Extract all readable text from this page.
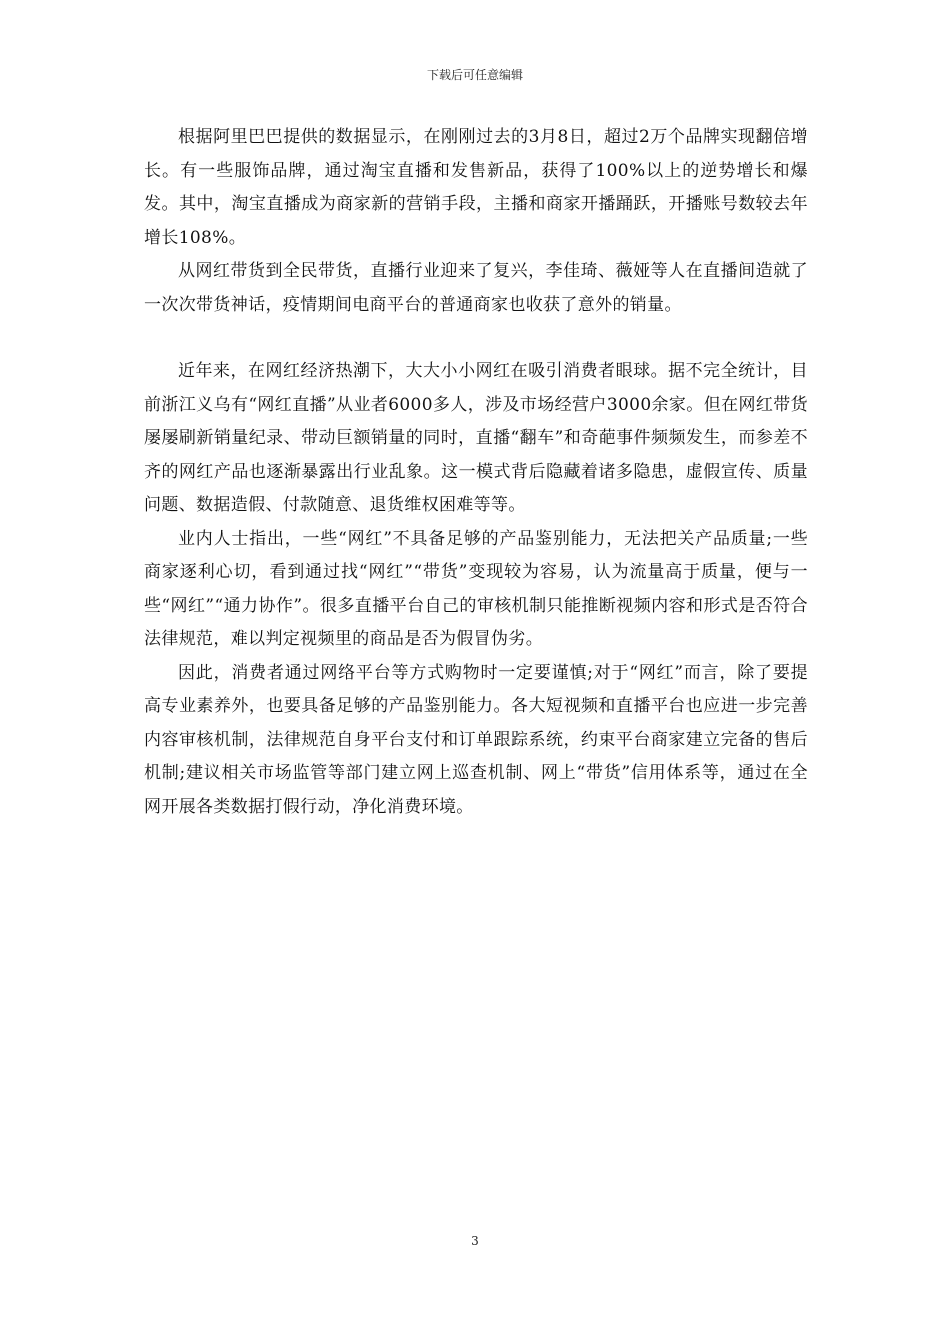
下载后可任意编辑

根据阿里巴巴提供的数据显示，在刚刚过去的3月8日，超过2万个品牌实现翻倍增长。有一些服饰品牌，通过淘宝直播和发售新品，获得了100%以上的逆势增长和爆发。其中，淘宝直播成为商家新的营销手段，主播和商家开播踊跃，开播账号数较去年增长108%。

从网红带货到全民带货，直播行业迎来了复兴，李佳琦、薇娅等人在直播间造就了一次次带货神话，疫情期间电商平台的普通商家也收获了意外的销量。

近年来，在网红经济热潮下，大大小小网红在吸引消费者眼球。据不完全统计，目前浙江义乌有“网红直播”从业者6000多人，涉及市场经营户3000余家。但在网红带货屡屡刷新销量纪录、带动巨额销量的同时，直播“翻车”和奇葩事件频频发生，而参差不齐的网红产品也逐渐暴露出行业乱象。这一模式背后隐藏着诸多隐患，虚假宣传、质量问题、数据造假、付款随意、退货维权困难等等。

业内人士指出，一些“网红”不具备足够的产品鉴别能力，无法把关产品质量;一些商家逐利心切，看到通过找“网红”“带货”变现较为容易，认为流量高于质量，便与一些“网红”“通力协作”。很多直播平台自己的审核机制只能推断视频内容和形式是否符合法律规范，难以判定视频里的商品是否为假冒伪劣。

因此，消费者通过网络平台等方式购物时一定要谨慎;对于“网红”而言，除了要提高专业素养外，也要具备足够的产品鉴别能力。各大短视频和直播平台也应进一步完善内容审核机制，法律规范自身平台支付和订单跟踪系统，约束平台商家建立完备的售后机制;建议相关市场监管等部门建立网上巡查机制、网上“带货”信用体系等，通过在全网开展各类数据打假行动，净化消费环境。

3
